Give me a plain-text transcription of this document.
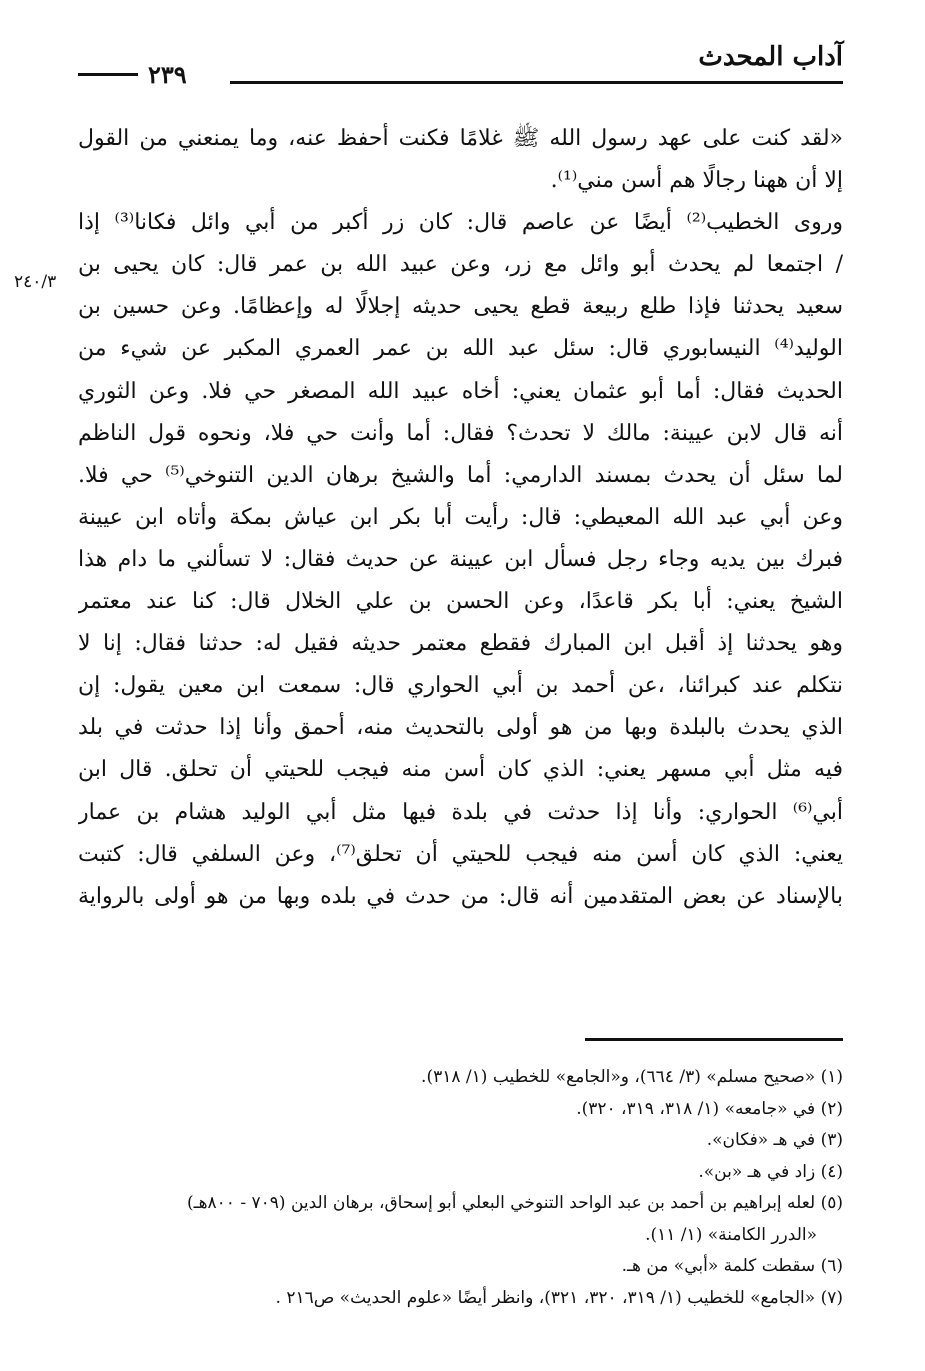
آداب المحدث
٢٣٩
٢٤٠/٣
«لقد كنت على عهد رسول الله ﷺ غلامًا فكنت أحفظ عنه، وما يمنعني من القول
إلا أن ههنا رجالًا هم أسن مني⁽¹⁾.
وروى الخطيب⁽²⁾ أيضًا عن عاصم قال: كان زر أكبر من أبي وائل فكانا⁽³⁾ إذا
/ اجتمعا لم يحدث أبو وائل مع زر، وعن عبيد الله بن عمر قال: كان يحيى بن
سعيد يحدثنا فإذا طلع ربيعة قطع يحيى حديثه إجلالًا له وإعظامًا. وعن حسين بن
الوليد⁽⁴⁾ النيسابوري قال: سئل عبد الله بن عمر العمري المكبر عن شيء من
الحديث فقال: أما أبو عثمان يعني: أخاه عبيد الله المصغر حي فلا. وعن الثوري
أنه قال لابن عيينة: مالك لا تحدث؟ فقال: أما وأنت حي فلا، ونحوه قول الناظم
لما سئل أن يحدث بمسند الدارمي: أما والشيخ برهان الدين التنوخي⁽⁵⁾ حي فلا.
وعن أبي عبد الله المعيطي: قال: رأيت أبا بكر ابن عياش بمكة وأتاه ابن عيينة
فبرك بين يديه وجاء رجل فسأل ابن عيينة عن حديث فقال: لا تسألني ما دام هذا
الشيخ يعني: أبا بكر قاعدًا، وعن الحسن بن علي الخلال قال: كنا عند معتمر
وهو يحدثنا إذ أقبل ابن المبارك فقطع معتمر حديثه فقيل له: حدثنا فقال: إنا لا
نتكلم عند كبرائنا، ،عن أحمد بن أبي الحواري قال: سمعت ابن معين يقول: إن
الذي يحدث بالبلدة وبها من هو أولى بالتحديث منه، أحمق وأنا إذا حدثت في بلد
فيه مثل أبي مسهر يعني: الذي كان أسن منه فيجب للحيتي أن تحلق. قال ابن
أبي⁽⁶⁾ الحواري: وأنا إذا حدثت في بلدة فيها مثل أبي الوليد هشام بن عمار
يعني: الذي كان أسن منه فيجب للحيتي أن تحلق⁽⁷⁾، وعن السلفي قال: كتبت
بالإسناد عن بعض المتقدمين أنه قال: من حدث في بلده وبها من هو أولى بالرواية
(١) «صحيح مسلم» (٣/ ٦٦٤)، و«الجامع» للخطيب (١/ ٣١٨).
(٢) في «جامعه» (١/ ٣١٨، ٣١٩، ٣٢٠).
(٣) في هـ «فكان».
(٤) زاد في هـ «بن».
(٥) لعله إبراهيم بن أحمد بن عبد الواحد التنوخي البعلي أبو إسحاق، برهان الدين (٧٠٩ - ٨٠٠هـ)
«الدرر الكامنة» (١/ ١١).
(٦) سقطت كلمة «أبي» من هـ.
(٧) «الجامع» للخطيب (١/ ٣١٩، ٣٢٠، ٣٢١)، وانظر أيضًا «علوم الحديث» ص٢١٦ .
